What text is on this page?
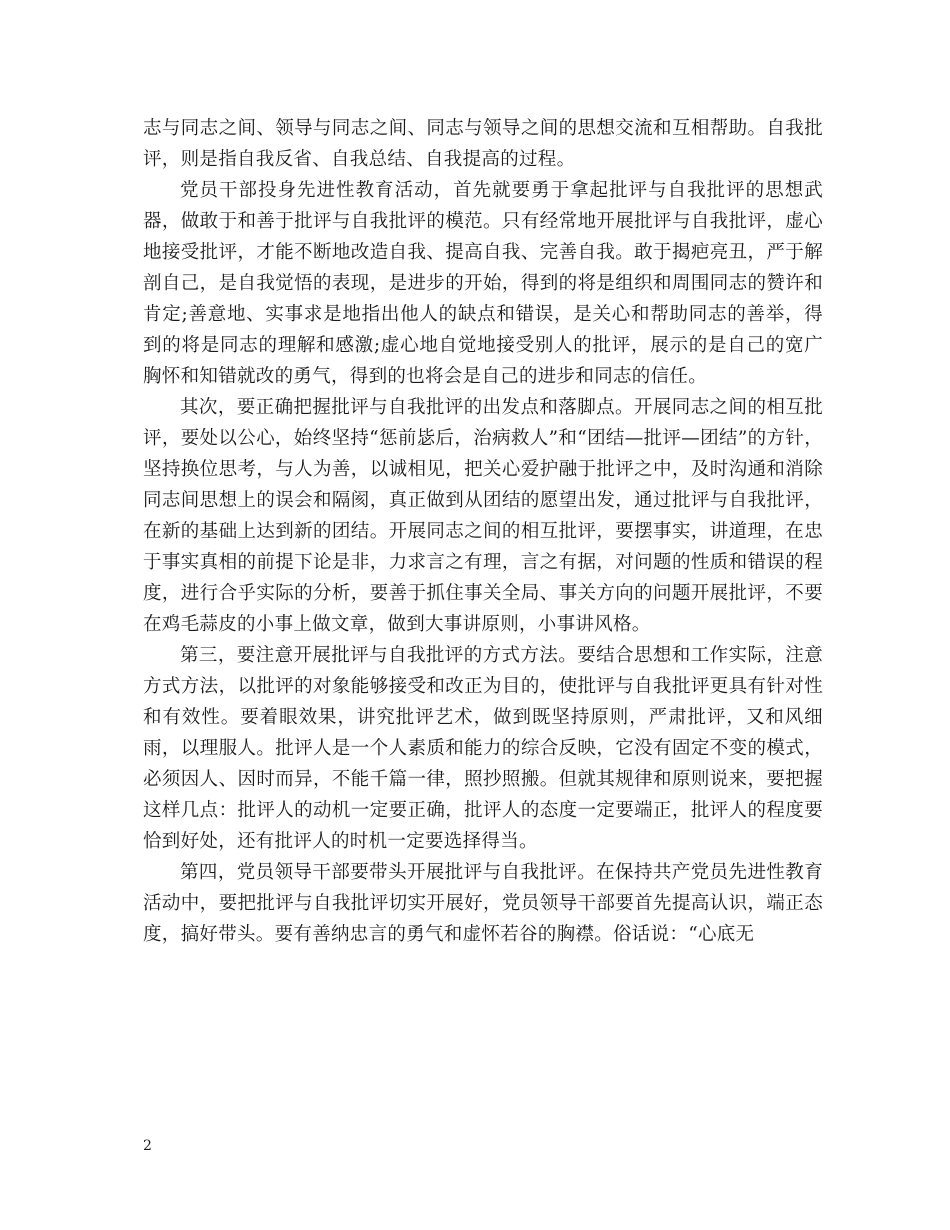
志与同志之间、领导与同志之间、同志与领导之间的思想交流和互相帮助。自我批评，则是指自我反省、自我总结、自我提高的过程。

党员干部投身先进性教育活动，首先就要勇于拿起批评与自我批评的思想武器，做敢于和善于批评与自我批评的模范。只有经常地开展批评与自我批评，虚心地接受批评，才能不断地改造自我、提高自我、完善自我。敢于揭疤亮丑，严于解剖自己，是自我觉悟的表现，是进步的开始，得到的将是组织和周围同志的赞许和肯定;善意地、实事求是地指出他人的缺点和错误，是关心和帮助同志的善举，得到的将是同志的理解和感激;虚心地自觉地接受别人的批评，展示的是自己的宽广胸怀和知错就改的勇气，得到的也将会是自己的进步和同志的信任。

其次，要正确把握批评与自我批评的出发点和落脚点。开展同志之间的相互批评，要处以公心，始终坚持“惩前毖后，治病救人”和“团结—批评—团结”的方针，坚持换位思考，与人为善，以诚相见，把关心爱护融于批评之中，及时沟通和消除同志间思想上的误会和隔阂，真正做到从团结的愿望出发，通过批评与自我批评，在新的基础上达到新的团结。开展同志之间的相互批评，要摆事实，讲道理，在忠于事实真相的前提下论是非，力求言之有理，言之有据，对问题的性质和错误的程度，进行合乎实际的分析，要善于抓住事关全局、事关方向的问题开展批评，不要在鸡毛蒜皮的小事上做文章，做到大事讲原则，小事讲风格。

第三，要注意开展批评与自我批评的方式方法。要结合思想和工作实际，注意方式方法，以批评的对象能够接受和改正为目的，使批评与自我批评更具有针对性和有效性。要着眼效果，讲究批评艺术，做到既坚持原则，严肃批评，又和风细雨，以理服人。批评人是一个人素质和能力的综合反映，它没有固定不变的模式，必须因人、因时而异，不能千篇一律，照抄照搬。但就其规律和原则说来，要把握这样几点：批评人的动机一定要正确，批评人的态度一定要端正，批评人的程度要恰到好处，还有批评人的时机一定要选择得当。

第四，党员领导干部要带头开展批评与自我批评。在保持共产党员先进性教育活动中，要把批评与自我批评切实开展好，党员领导干部要首先提高认识，端正态度，搞好带头。要有善纳忠言的勇气和虚怀若谷的胸襟。俗话说：“心底无

2
